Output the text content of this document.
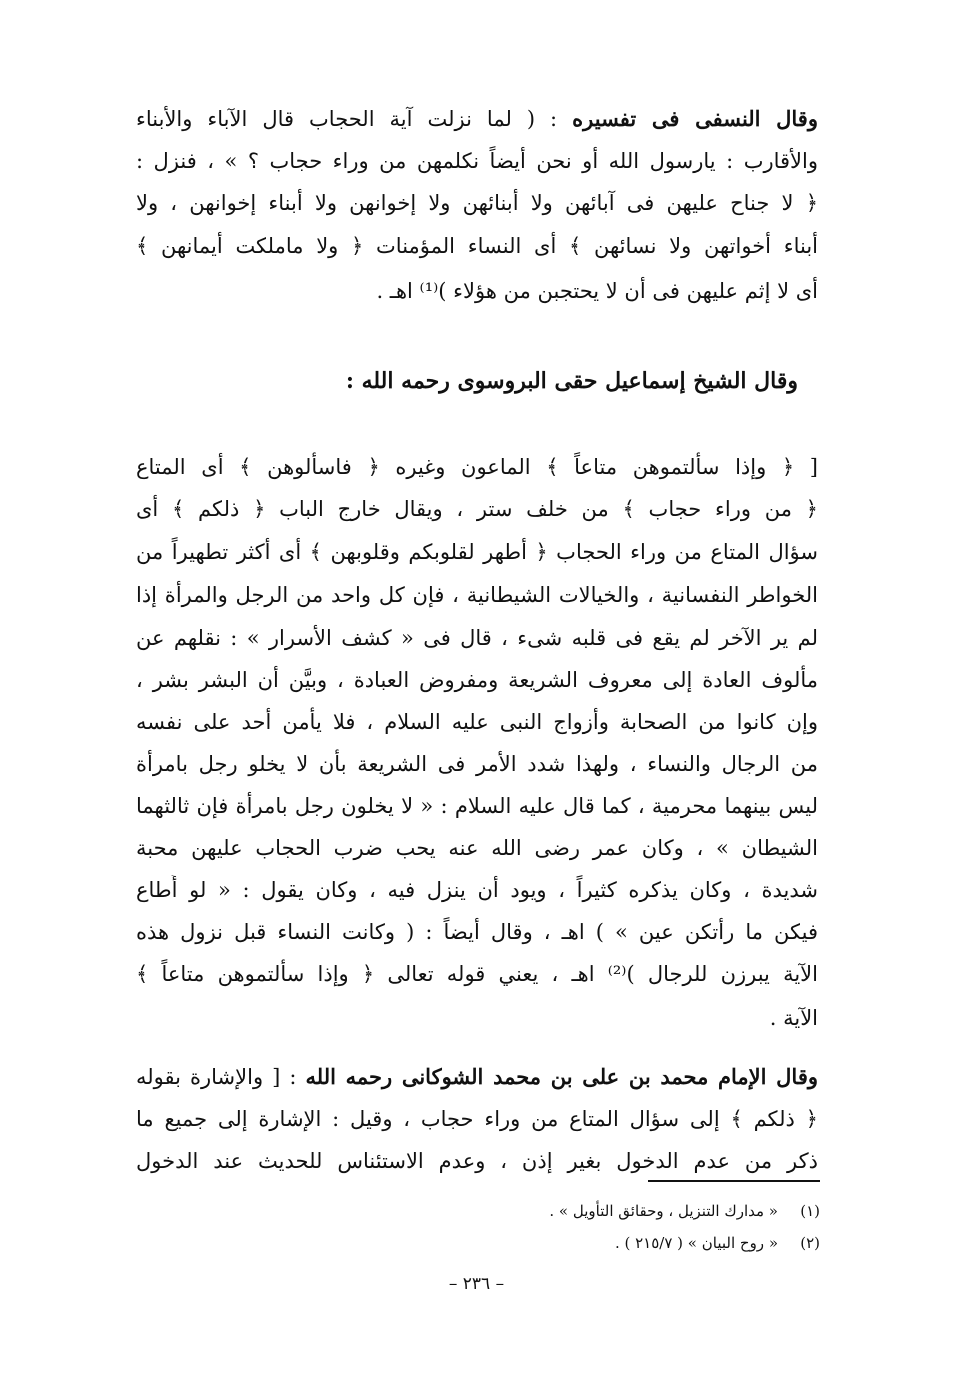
وقال النسفى فى تفسيره : ( لما نزلت آية الحجاب قال الآباء والأبناء
والأقارب : يارسول الله أو نحن أيضاً نكلمهن من وراء حجاب ؟ » ، فنزل :
﴿ لا جناح عليهن فى آبائهن ولا أبنائهن ولا إخوانهن ولا أبناء إخوانهن ، ولا
أبناء أخواتهن ولا نسائهن ﴾ أى النساء المؤمنات ﴿ ولا ماملكت أيمانهن ﴾
أى لا إثم عليهن فى أن لا يحتجبن من هؤلاء )⁽¹⁾ اهـ .
وقال الشيخ إسماعيل حقى البروسوى رحمه الله :
[ ﴿ وإذا سألتموهن متاعاً ﴾ الماعون وغيره ﴿ فاسألوهن ﴾ أى المتاع
﴿ من وراء حجاب ﴾ من خلف ستر ، ويقال خارج الباب ﴿ ذلكم ﴾ أى
سؤال المتاع من وراء الحجاب ﴿ أطهر لقلوبكم وقلوبهن ﴾ أى أكثر تطهيراً من
الخواطر النفسانية ، والخيالات الشيطانية ، فإن كل واحد من الرجل والمرأة إذا
لم ير الآخر لم يقع فى قلبه شىء ، قال فى « كشف الأسرار » : نقلهم عن
مألوف العادة إلى معروف الشريعة ومفروض العبادة ، وبيَّن أن البشر بشر ،
وإن كانوا من الصحابة وأزواج النبى عليه السلام ، فلا يأمن أحد على نفسه
من الرجال والنساء ، ولهذا شدد الأمر فى الشريعة بأن لا يخلو رجل بامرأة
ليس بينهما محرمية ، كما قال عليه السلام : « لا يخلون رجل بامرأة فإن ثالثهما
الشيطان » ، وكان عمر رضى الله عنه يحب ضرب الحجاب عليهن محبة
شديدة ، وكان يذكره كثيراً ، ويود أن ينزل فيه ، وكان يقول : « لو أُطاع
فيكن ما رأتكن عين » ) اهـ ، وقال أيضاً : ( وكانت النساء قبل نزول هذه
الآية يبرزن للرجال )⁽²⁾ اهـ ، يعني قوله تعالى ﴿ وإذا سألتموهن متاعاً ﴾
الآية .
وقال الإمام محمد بن على بن محمد الشوكانى رحمه الله : [ والإشارة بقوله
﴿ ذلكم ﴾ إلى سؤال المتاع من وراء حجاب ، وقيل : الإشارة إلى جميع ما
ذكر من عدم الدخول بغير إذن ، وعدم الاستئناس للحديث عند الدخول
(١)« مدارك التنزيل ، وحقائق التأويل » .
(٢)« روح البيان » ( ٢١٥/٧ ) .
– ٢٣٦ –
